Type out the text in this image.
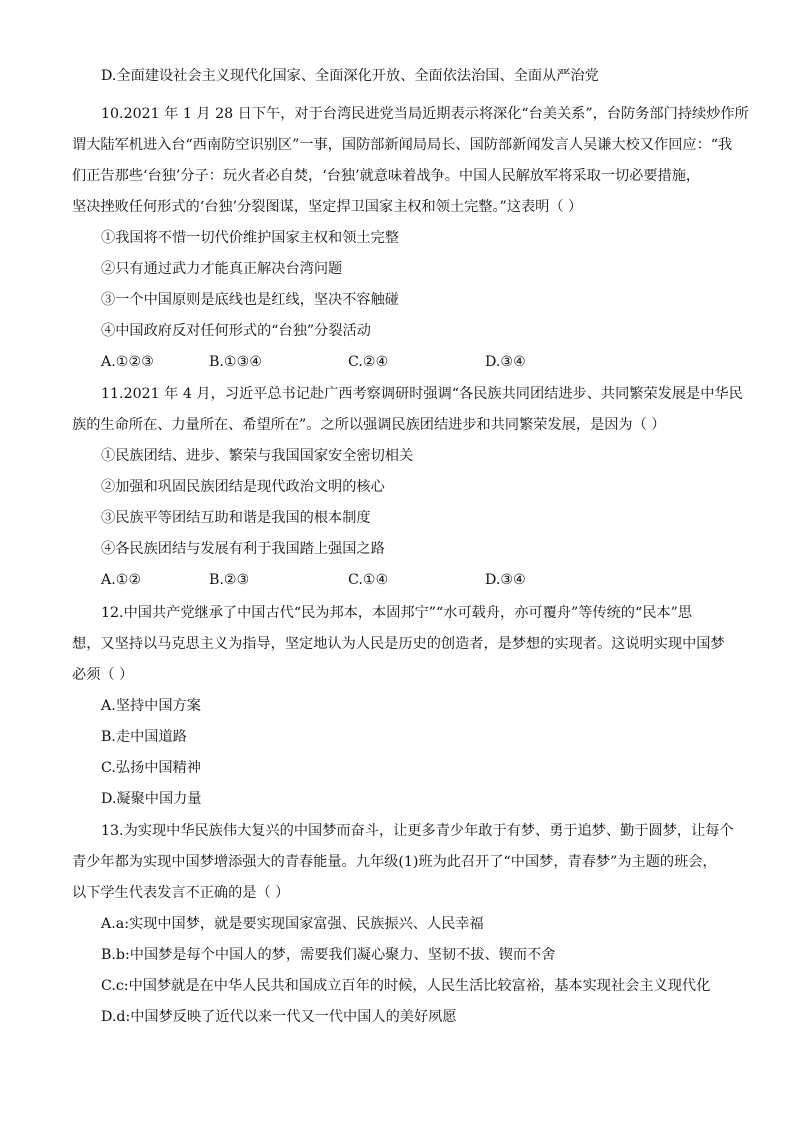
D.全面建设社会主义现代化国家、全面深化开放、全面依法治国、全面从严治党
10.2021 年 1 月 28 日下午，对于台湾民进党当局近期表示将深化“台美关系”，台防务部门持续炒作所
谓大陆军机进入台“西南防空识别区”一事，国防部新闻局局长、国防部新闻发言人吴谦大校又作回应：“我
们正告那些‘台独’分子：玩火者必自焚，‘台独’就意味着战争。中国人民解放军将采取一切必要措施，
坚决挫败任何形式的‘台独’分裂图谋，坚定捍卫国家主权和领土完整。”这表明（ ）
①我国将不惜一切代价维护国家主权和领土完整
②只有通过武力才能真正解决台湾问题
③一个中国原则是底线也是红线，坚决不容触碰
④中国政府反对任何形式的“台独”分裂活动
A.①②③	B.①③④	C.②④	D.③④
11.2021 年 4 月，习近平总书记赴广西考察调研时强调“各民族共同团结进步、共同繁荣发展是中华民
族的生命所在、力量所在、希望所在”。之所以强调民族团结进步和共同繁荣发展，是因为（ ）
①民族团结、进步、繁荣与我国国家安全密切相关
②加强和巩固民族团结是现代政治文明的核心
③民族平等团结互助和谐是我国的根本制度
④各民族团结与发展有利于我国踏上强国之路
A.①②	B.②③	C.①④	D.③④
12.中国共产党继承了中国古代“民为邦本，本固邦宁”“水可载舟，亦可覆舟”等传统的“民本”思
想，又坚持以马克思主义为指导，坚定地认为人民是历史的创造者，是梦想的实现者。这说明实现中国梦
必须（ ）
A.坚持中国方案
B.走中国道路
C.弘扬中国精神
D.凝聚中国力量
13.为实现中华民族伟大复兴的中国梦而奋斗，让更多青少年敢于有梦、勇于追梦、勤于圆梦，让每个
青少年都为实现中国梦增添强大的青春能量。九年级(1)班为此召开了“中国梦，青春梦”为主题的班会，
以下学生代表发言不正确的是（ ）
A.a:实现中国梦，就是要实现国家富强、民族振兴、人民幸福
B.b:中国梦是每个中国人的梦，需要我们凝心聚力、坚韧不拔、锲而不舍
C.c:中国梦就是在中华人民共和国成立百年的时候，人民生活比较富裕，基本实现社会主义现代化
D.d:中国梦反映了近代以来一代又一代中国人的美好夙愿
